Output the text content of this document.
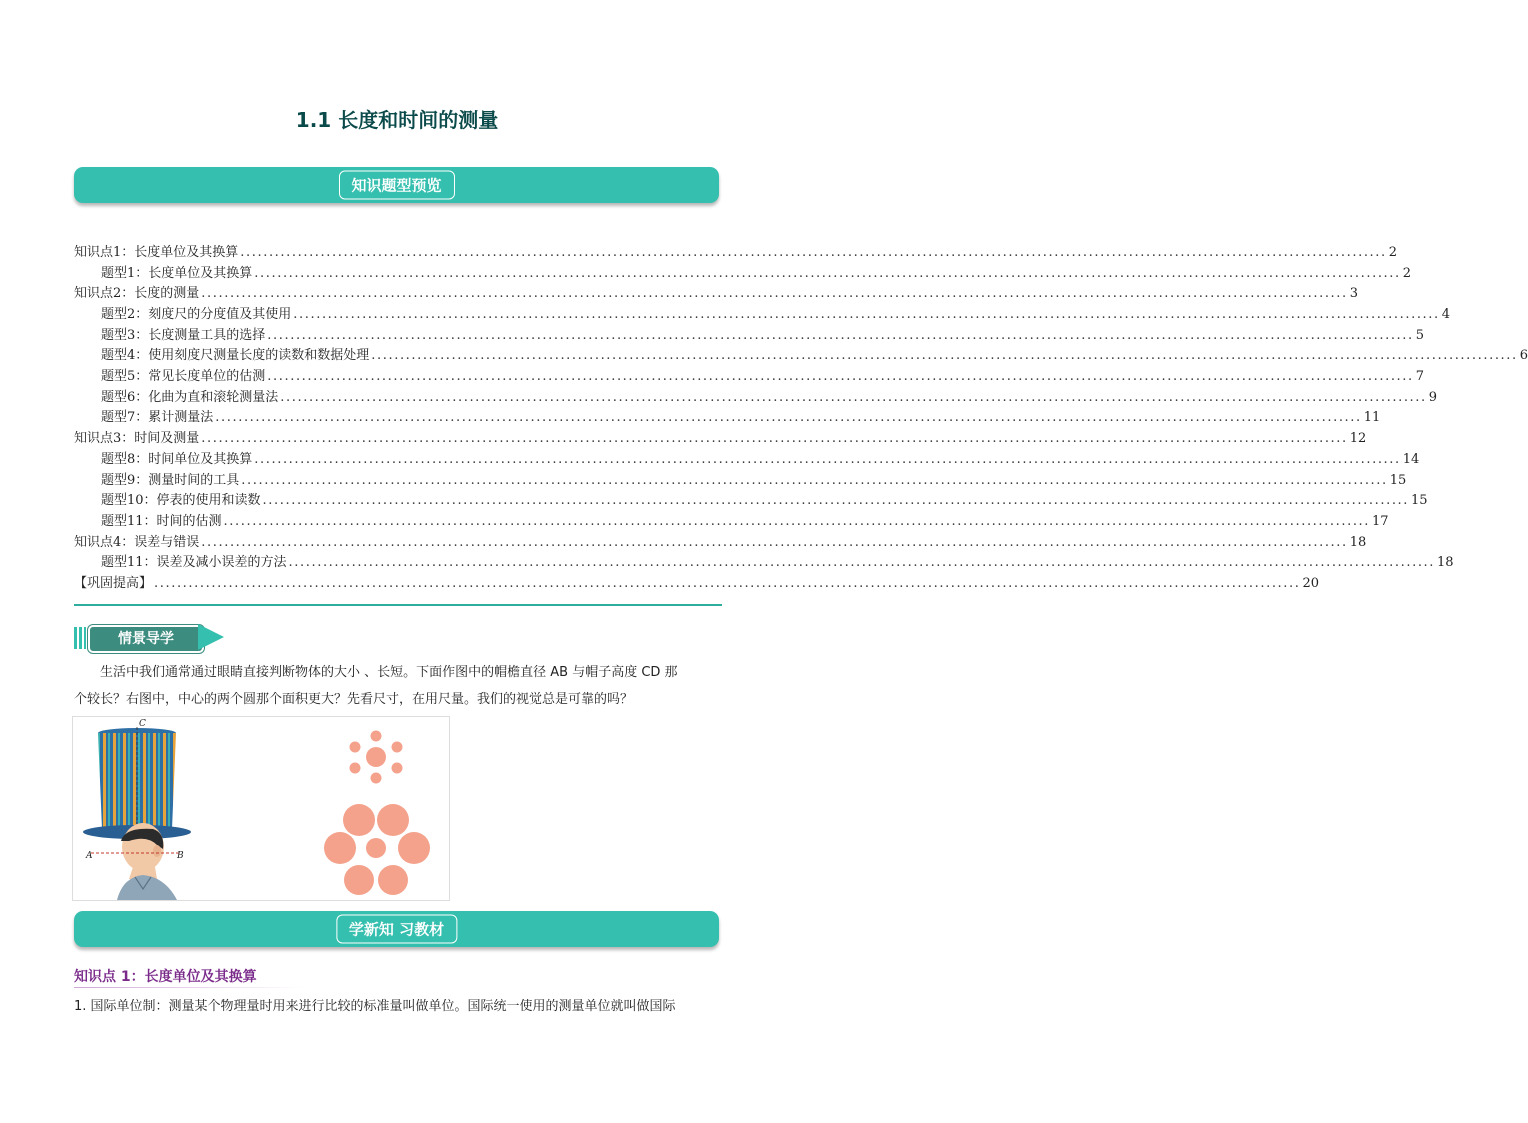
1.1 长度和时间的测量
知识题型预览
知识点1：长度单位及其换算 ........................................................................................................................................................................................................ 2
题型1：长度单位及其换算 ........................................................................................................................................................................................................ 2
知识点2：长度的测量 ........................................................................................................................................................................................................ 3
题型2：刻度尺的分度值及其使用 ........................................................................................................................................................................................................ 4
题型3：长度测量工具的选择 ........................................................................................................................................................................................................ 5
题型4：使用刻度尺测量长度的读数和数据处理 ........................................................................................................................................................................................................ 6
题型5：常见长度单位的估测 ........................................................................................................................................................................................................ 7
题型6：化曲为直和滚轮测量法 ........................................................................................................................................................................................................ 9
题型7：累计测量法 ........................................................................................................................................................................................................ 11
知识点3：时间及测量 ........................................................................................................................................................................................................ 12
题型8：时间单位及其换算 ........................................................................................................................................................................................................ 14
题型9：测量时间的工具 ........................................................................................................................................................................................................ 15
题型10：停表的使用和读数 ........................................................................................................................................................................................................ 15
题型11：时间的估测 ........................................................................................................................................................................................................ 17
知识点4：误差与错误 ........................................................................................................................................................................................................ 18
题型11：误差及减小误差的方法 ........................................................................................................................................................................................................ 18
【巩固提高】 ........................................................................................................................................................................................................ 20
情景导学
生活中我们通常通过眼睛直接判断物体的大小 、长短。下面作图中的帽檐直径 AB 与帽子高度 CD 那
个较长？右图中，中心的两个圆那个面积更大？先看尺寸，在用尺量。我们的视觉总是可靠的吗？
C
A	B
学新知 习教材
知识点 1：长度单位及其换算
1. 国际单位制：测量某个物理量时用来进行比较的标准量叫做单位。国际统一使用的测量单位就叫做国际
